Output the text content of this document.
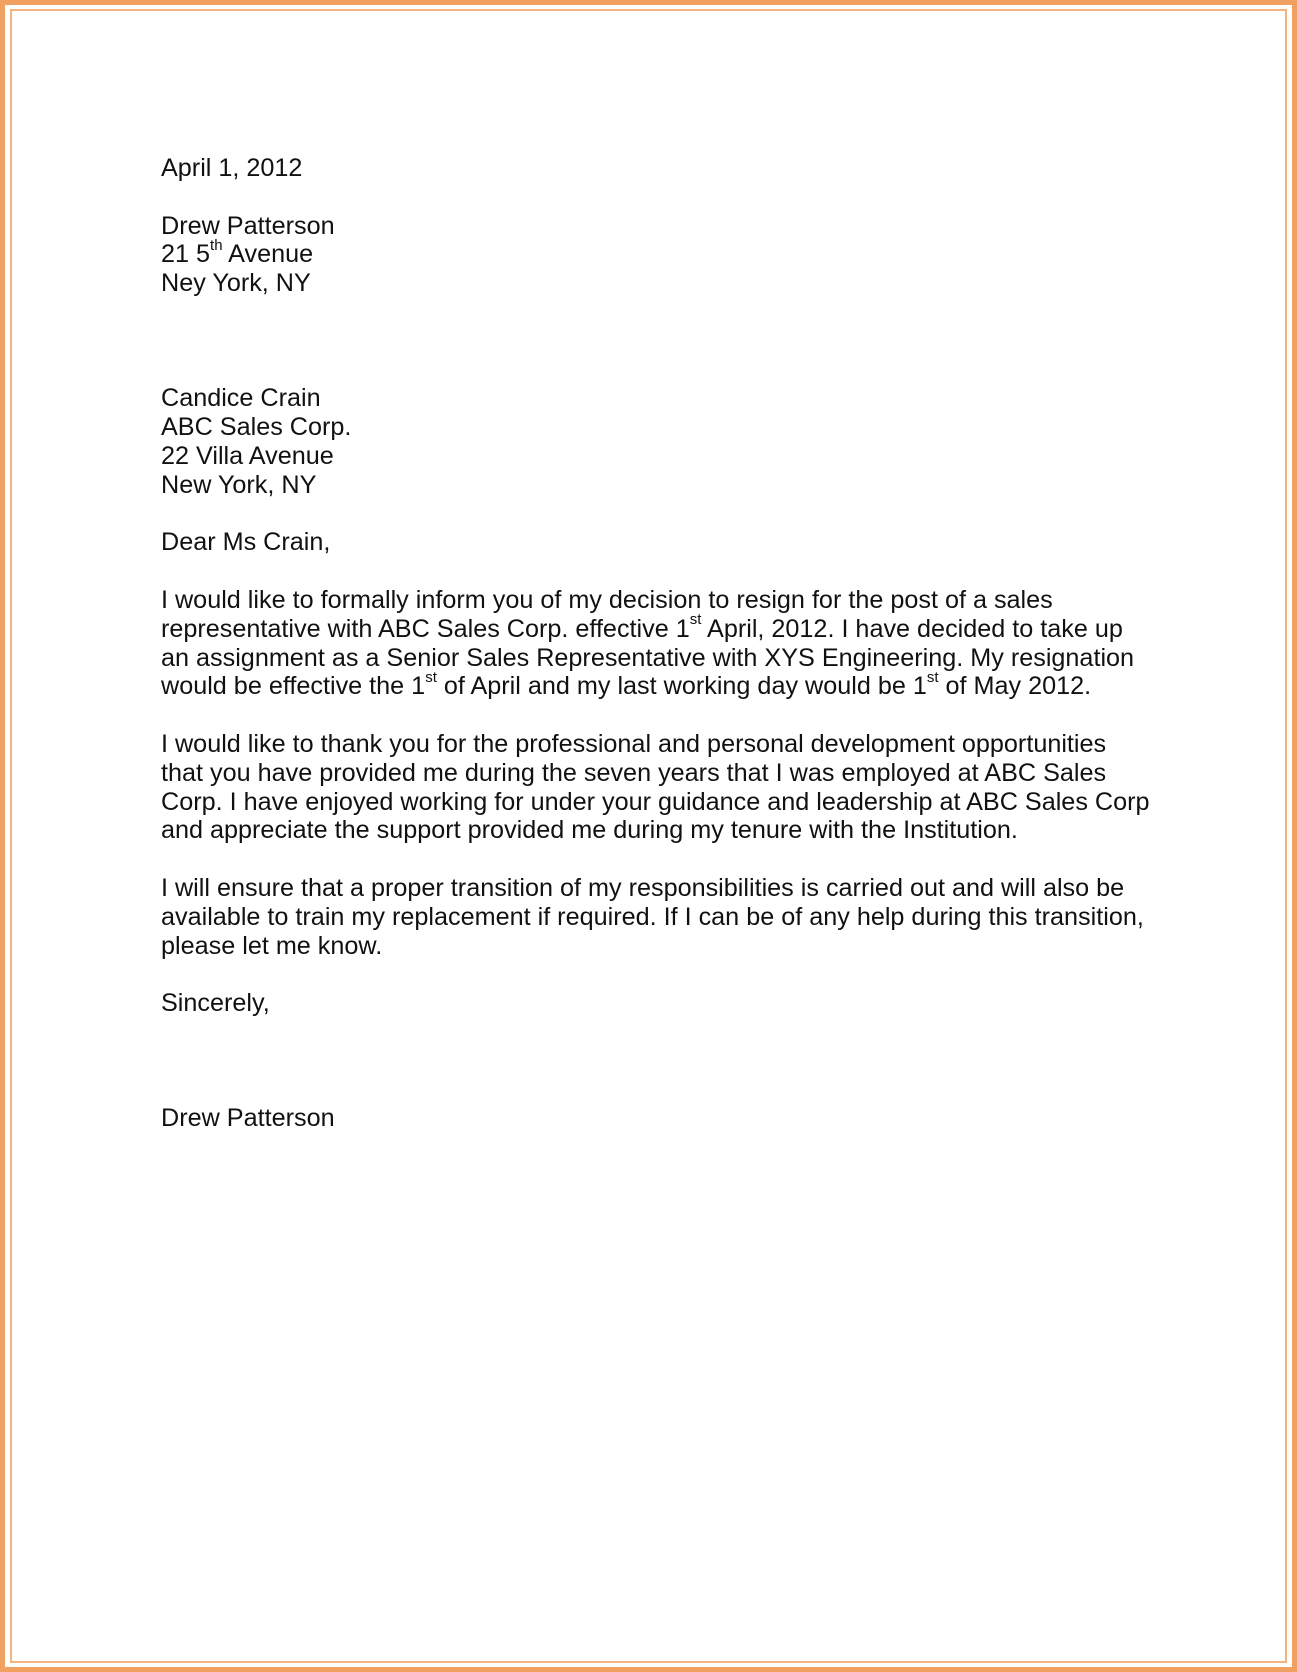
April 1, 2012
Drew Patterson
21 5th Avenue
Ney York, NY
Candice Crain
ABC Sales Corp.
22 Villa Avenue
New York, NY
Dear Ms Crain,
I would like to formally inform you of my decision to resign for the post of a sales
representative with ABC Sales Corp. effective 1st April, 2012. I have decided to take up
an assignment as a Senior Sales Representative with XYS Engineering. My resignation
would be effective the 1st of April and my last working day would be 1st of May 2012.
I would like to thank you for the professional and personal development opportunities
that you have provided me during the seven years that I was employed at ABC Sales
Corp. I have enjoyed working for under your guidance and leadership at ABC Sales Corp
and appreciate the support provided me during my tenure with the Institution.
I will ensure that a proper transition of my responsibilities is carried out and will also be
available to train my replacement if required. If I can be of any help during this transition,
please let me know.
Sincerely,
Drew Patterson
